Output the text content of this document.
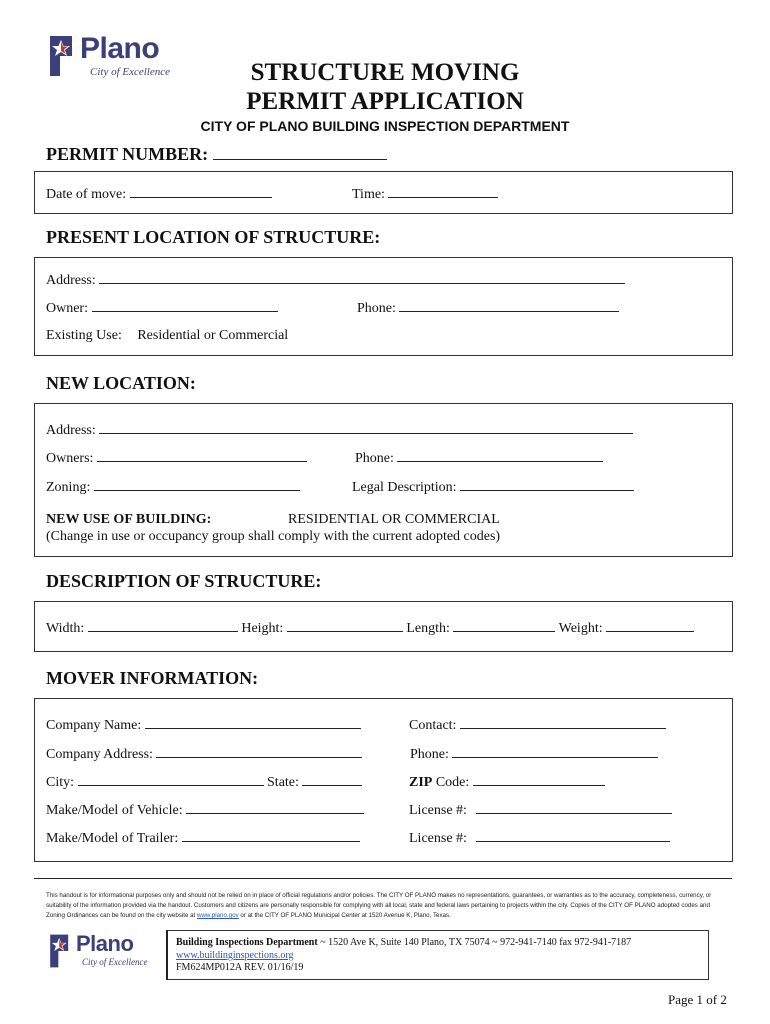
Plano
City of Excellence	STRUCTURE MOVING
PERMIT APPLICATION
CITY OF PLANO BUILDING INSPECTION DEPARTMENT
PERMIT NUMBER:
Date of move:	Time:
PRESENT LOCATION OF STRUCTURE:
Address:
Owner:	Phone:
Existing Use: Residential or Commercial
NEW LOCATION:
Address:
Owners:	Phone:
Zoning:	Legal Description:
NEW USE OF BUILDING:	RESIDENTIAL OR COMMERCIAL
(Change in use or occupancy group shall comply with the current adopted codes)
DESCRIPTION OF STRUCTURE:
Width:	Height:	Length:	Weight:
MOVER INFORMATION:
Company Name:	Contact:
Company Address:	Phone:
City:	State:	ZIP Code:
Make/Model of Vehicle:	License #:
Make/Model of Trailer:	License #:
This handout is for informational purposes only and should not be relied on in place of official regulations and/or policies. The CITY OF PLANO makes no representations, guarantees, or warranties as to the accuracy, completeness, currency, or suitability of the information provided via the handout. Customers and citizens are personally responsible for complying with all local, state and federal laws pertaining to projects within the city. Copies of the CITY OF PLANO adopted codes and Zoning Ordinances can be found on the city website at www.plano.gov or at the CITY OF PLANO Municipal Center at 1520 Avenue K, Plano, Texas.
Plano
City of Excellence
Building Inspections Department ~ 1520 Ave K, Suite 140 Plano, TX 75074 ~ 972-941-7140 fax 972-941-7187
www.buildinginspections.org
FM624MP012A REV. 01/16/19
Page 1 of 2
